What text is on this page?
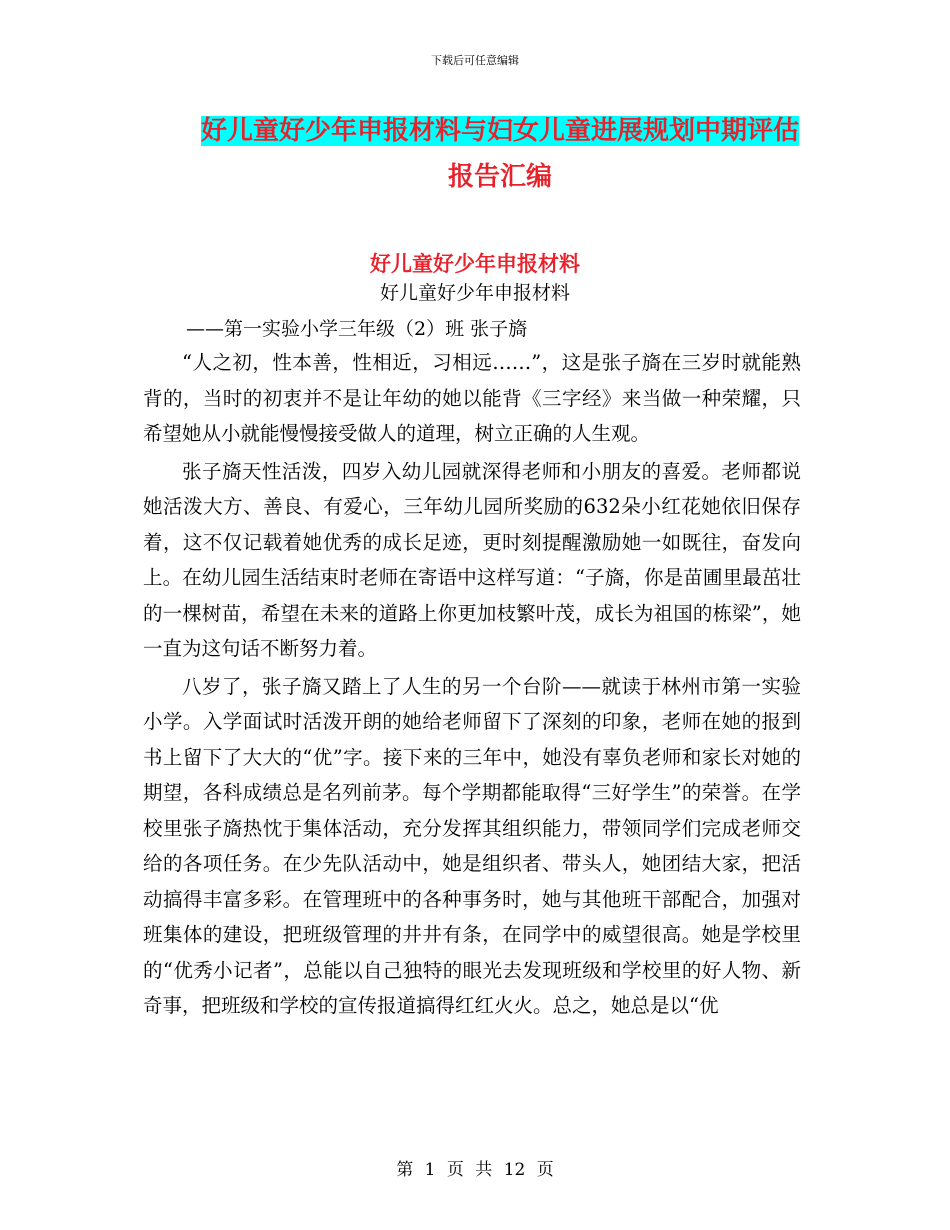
下载后可任意编辑
好儿童好少年申报材料与妇女儿童进展规划中期评估
报告汇编
好儿童好少年申报材料
好儿童好少年申报材料
——第一实验小学三年级（2）班 张子旖

“人之初，性本善，性相近，习相远……”，这是张子旖在三岁时就能熟背的，当时的初衷并不是让年幼的她以能背《三字经》来当做一种荣耀，只希望她从小就能慢慢接受做人的道理，树立正确的人生观。

张子旖天性活泼，四岁入幼儿园就深得老师和小朋友的喜爱。老师都说她活泼大方、善良、有爱心，三年幼儿园所奖励的632朵小红花她依旧保存着，这不仅记载着她优秀的成长足迹，更时刻提醒激励她一如既往，奋发向上。在幼儿园生活结束时老师在寄语中这样写道：“子旖，你是苗圃里最茁壮的一棵树苗，希望在未来的道路上你更加枝繁叶茂，成长为祖国的栋梁”，她一直为这句话不断努力着。

八岁了，张子旖又踏上了人生的另一个台阶——就读于林州市第一实验小学。入学面试时活泼开朗的她给老师留下了深刻的印象，老师在她的报到书上留下了大大的“优”字。接下来的三年中，她没有辜负老师和家长对她的期望，各科成绩总是名列前茅。每个学期都能取得“三好学生”的荣誉。在学校里张子旖热忱于集体活动，充分发挥其组织能力，带领同学们完成老师交给的各项任务。在少先队活动中，她是组织者、带头人，她团结大家，把活动搞得丰富多彩。在管理班中的各种事务时，她与其他班干部配合，加强对班集体的建设，把班级管理的井井有条，在同学中的威望很高。她是学校里的“优秀小记者”，总能以自己独特的眼光去发现班级和学校里的好人物、新奇事，把班级和学校的宣传报道搞得红红火火。总之，她总是以“优

第 1 页 共 12 页
